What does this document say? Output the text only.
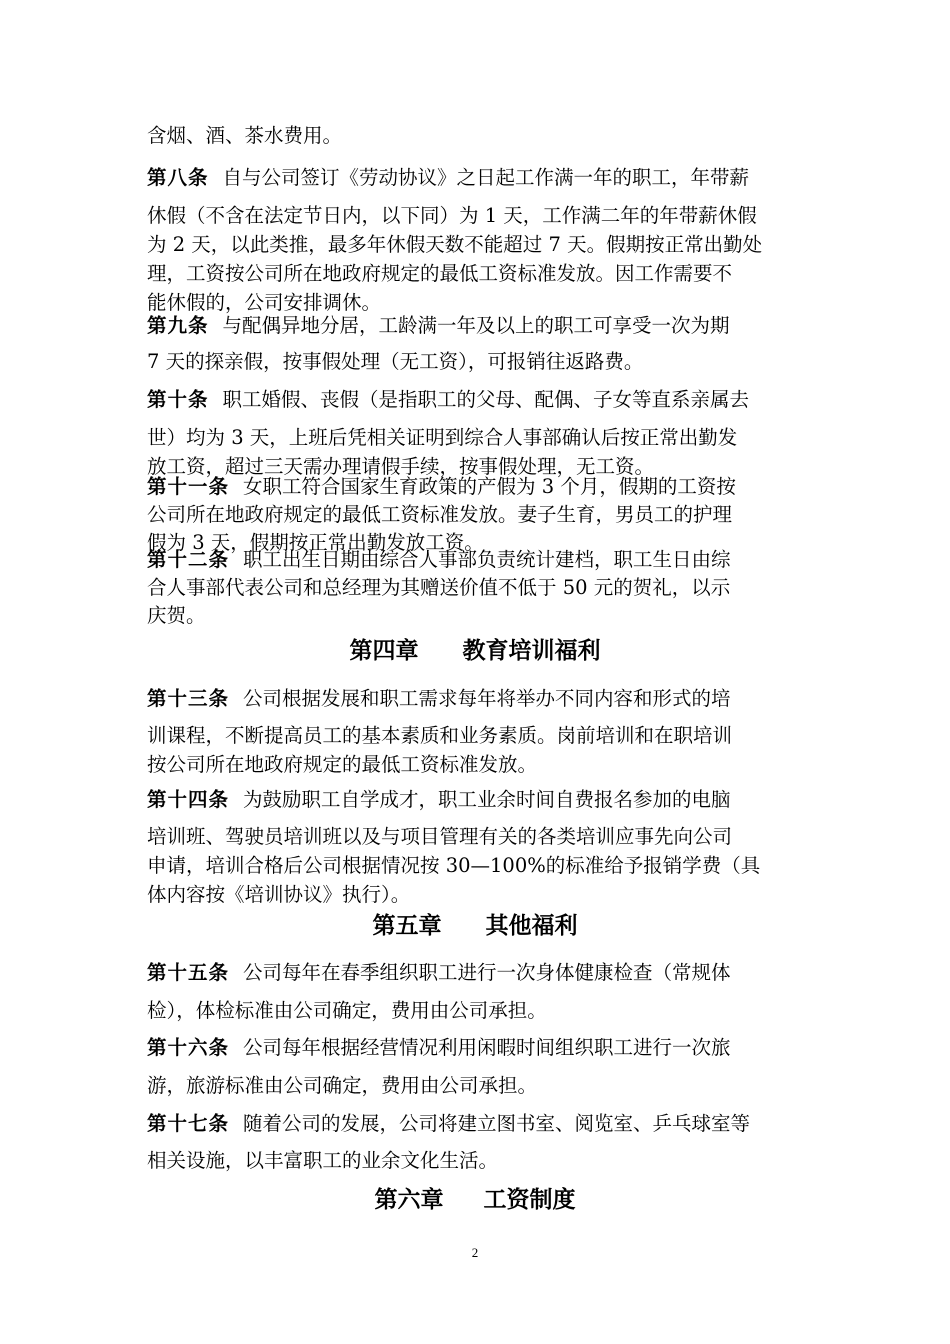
含烟、酒、茶水费用。

第八条 自与公司签订《劳动协议》之日起工作满一年的职工，年带薪

休假（不含在法定节日内，以下同）为 1 天，工作满二年的年带薪休假
为 2 天，以此类推，最多年休假天数不能超过 7 天。假期按正常出勤处
理，工资按公司所在地政府规定的最低工资标准发放。因工作需要不
能休假的，公司安排调休。

第九条 与配偶异地分居，工龄满一年及以上的职工可享受一次为期

7 天的探亲假，按事假处理（无工资），可报销往返路费。

第十条 职工婚假、丧假（是指职工的父母、配偶、子女等直系亲属去

世）均为 3 天，上班后凭相关证明到综合人事部确认后按正常出勤发
放工资，超过三天需办理请假手续，按事假处理，无工资。

第十一条 女职工符合国家生育政策的产假为 3 个月，假期的工资按
公司所在地政府规定的最低工资标准发放。妻子生育，男员工的护理
假为 3 天，假期按正常出勤发放工资。

第十二条 职工出生日期由综合人事部负责统计建档，职工生日由综
合人事部代表公司和总经理为其赠送价值不低于 50 元的贺礼，以示
庆贺。

第四章 教育培训福利

第十三条 公司根据发展和职工需求每年将举办不同内容和形式的培

训课程，不断提高员工的基本素质和业务素质。岗前培训和在职培训
按公司所在地政府规定的最低工资标准发放。

第十四条 为鼓励职工自学成才，职工业余时间自费报名参加的电脑

培训班、驾驶员培训班以及与项目管理有关的各类培训应事先向公司
申请，培训合格后公司根据情况按 30—100%的标准给予报销学费（具
体内容按《培训协议》执行）。

第五章 其他福利

第十五条 公司每年在春季组织职工进行一次身体健康检查（常规体

检），体检标准由公司确定，费用由公司承担。

第十六条 公司每年根据经营情况利用闲暇时间组织职工进行一次旅

游，旅游标准由公司确定，费用由公司承担。

第十七条 随着公司的发展，公司将建立图书室、阅览室、乒乓球室等

相关设施，以丰富职工的业余文化生活。

第六章 工资制度
2
